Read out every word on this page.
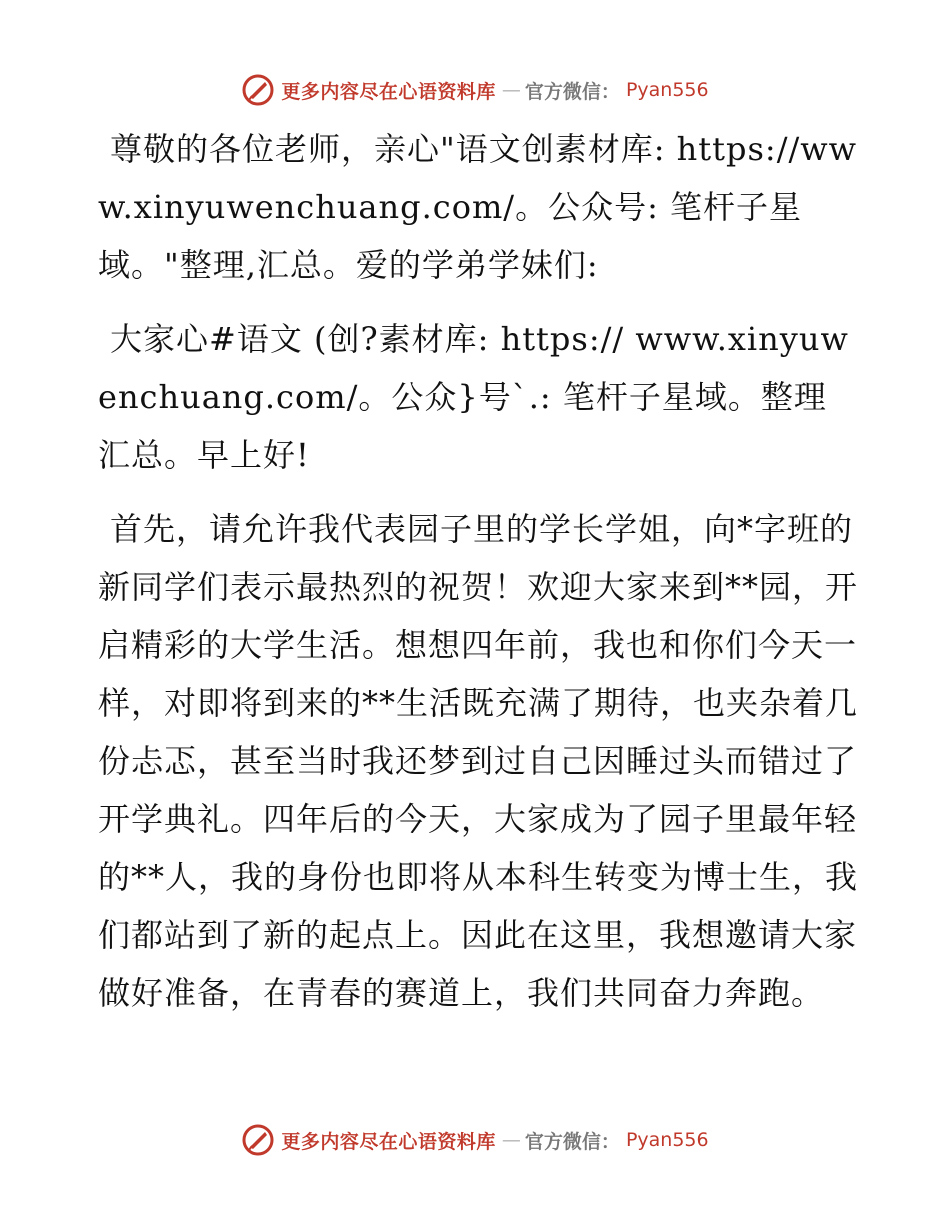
更多内容尽在心语资料库 — 官方微信： Pyan556

尊敬的各位老师，亲心"语文创素材库: https://www.xinyuwenchuang.com/。公众号: 笔杆子星域。"整理,汇总。爱的学弟学妹们:

大家心#语文 (创?素材库: https:// www.xinyuwenchuang.com/。公众}号`.: 笔杆子星域。整理汇总。早上好!

首先，请允许我代表园子里的学长学姐，向*字班的新同学们表示最热烈的祝贺！欢迎大家来到**园，开启精彩的大学生活。想想四年前，我也和你们今天一样，对即将到来的**生活既充满了期待，也夹杂着几份忐忑，甚至当时我还梦到过自己因睡过头而错过了开学典礼。四年后的今天，大家成为了园子里最年轻的**人，我的身份也即将从本科生转变为博士生，我们都站到了新的起点上。因此在这里，我想邀请大家做好准备，在青春的赛道上，我们共同奋力奔跑。

更多内容尽在心语资料库 — 官方微信： Pyan556
